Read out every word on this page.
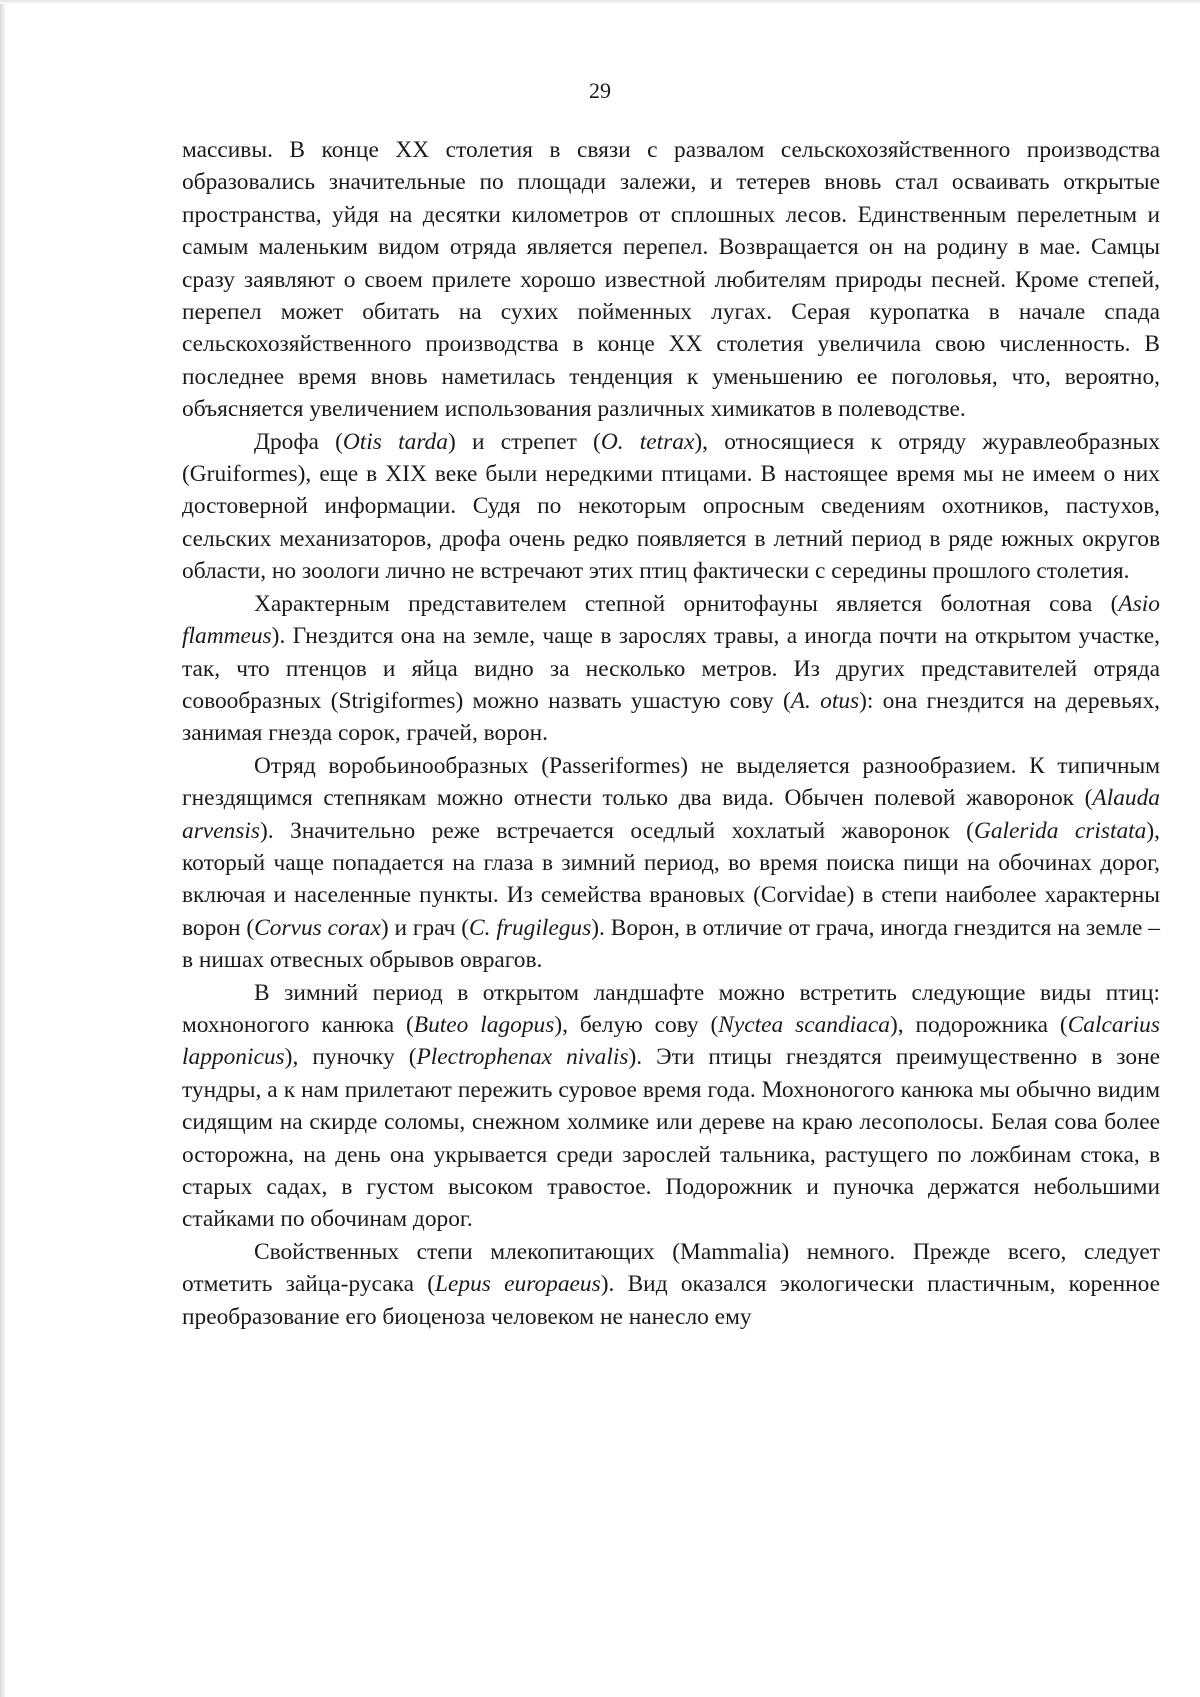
29

массивы. В конце XX столетия в связи с развалом сельскохозяйственного производства образовались значительные по площади залежи, и тетерев вновь стал осваивать открытые пространства, уйдя на десятки километров от сплошных лесов. Единственным перелетным и самым маленьким видом отряда является перепел. Возвращается он на родину в мае. Самцы сразу заявляют о своем прилете хорошо известной любителям природы песней. Кроме степей, перепел может обитать на сухих пойменных лугах. Серая куропатка в начале спада сельскохозяйственного производства в конце XX столетия увеличила свою численность. В последнее время вновь наметилась тенденция к уменьшению ее поголовья, что, вероятно, объясняется увеличением использования различных химикатов в полеводстве.

Дрофа (Otis tarda) и стрепет (O. tetrax), относящиеся к отряду журавлеобразных (Gruiformes), еще в XIX веке были нередкими птицами. В настоящее время мы не имеем о них достоверной информации. Судя по некоторым опросным сведениям охотников, пастухов, сельских механизаторов, дрофа очень редко появляется в летний период в ряде южных округов области, но зоологи лично не встречают этих птиц фактически с середины прошлого столетия.

Характерным представителем степной орнитофауны является болотная сова (Asio flammeus). Гнездится она на земле, чаще в зарослях травы, а иногда почти на открытом участке, так, что птенцов и яйца видно за несколько метров. Из других представителей отряда совообразных (Strigiformes) можно назвать ушастую сову (A. otus): она гнездится на деревьях, занимая гнезда сорок, грачей, ворон.

Отряд воробьинообразных (Passeriformes) не выделяется разнообразием. К типичным гнездящимся степнякам можно отнести только два вида. Обычен полевой жаворонок (Alauda arvensis). Значительно реже встречается оседлый хохлатый жаворонок (Galerida cristata), который чаще попадается на глаза в зимний период, во время поиска пищи на обочинах дорог, включая и населенные пункты. Из семейства врановых (Corvidae) в степи наиболее характерны ворон (Corvus corax) и грач (C. frugilegus). Ворон, в отличие от грача, иногда гнездится на земле – в нишах отвесных обрывов оврагов.

В зимний период в открытом ландшафте можно встретить следующие виды птиц: мохноногого канюка (Buteo lagopus), белую сову (Nyctea scandiaca), подорожника (Calcarius lapponicus), пуночку (Plectrophenax nivalis). Эти птицы гнездятся преимущественно в зоне тундры, а к нам прилетают пережить суровое время года. Мохноногого канюка мы обычно видим сидящим на скирде соломы, снежном холмике или дереве на краю лесополосы. Белая сова более осторожна, на день она укрывается среди зарослей тальника, растущего по ложбинам стока, в старых садах, в густом высоком травостое. Подорожник и пуночка держатся небольшими стайками по обочинам дорог.

Свойственных степи млекопитающих (Mammalia) немного. Прежде всего, следует отметить зайца-русака (Lepus europaeus). Вид оказался экологически пластичным, коренное преобразование его биоценоза человеком не нанесло ему
